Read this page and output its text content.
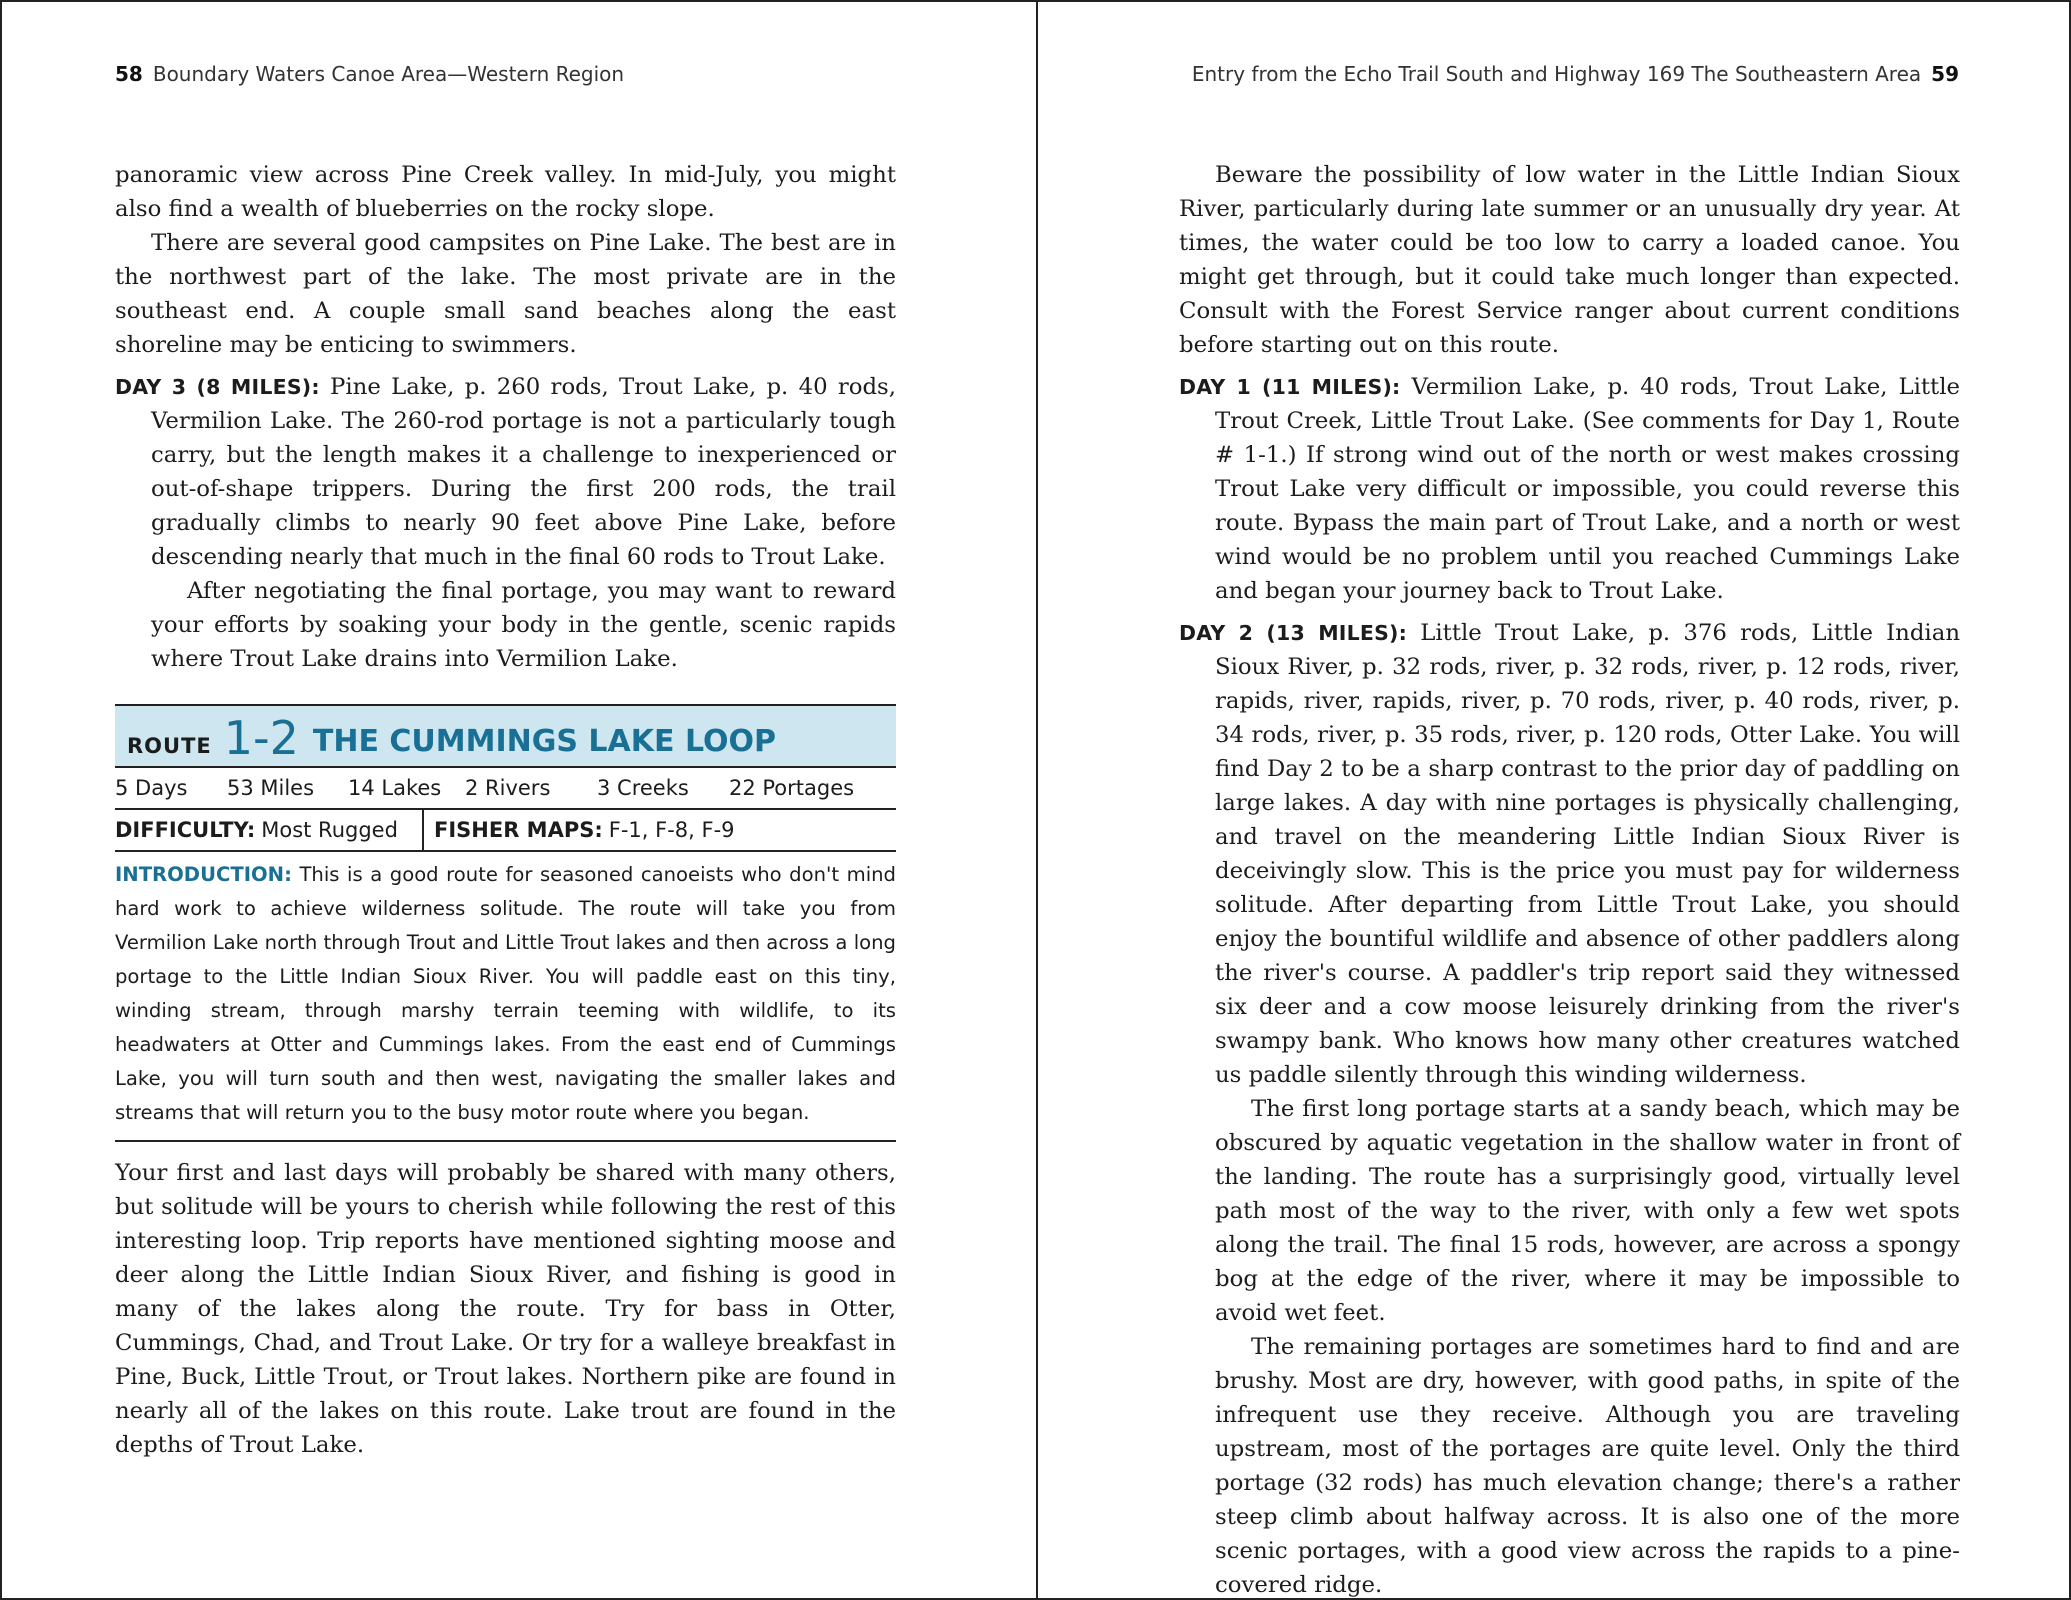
58 Boundary Waters Canoe Area—Western Region

panoramic view across Pine Creek valley. In mid-July, you might also find a wealth of blueberries on the rocky slope.

There are several good campsites on Pine Lake. The best are in the northwest part of the lake. The most private are in the southeast end. A couple small sand beaches along the east shoreline may be enticing to swimmers.

DAY 3 (8 MILES): Pine Lake, p. 260 rods, Trout Lake, p. 40 rods, Vermilion Lake. The 260-rod portage is not a particularly tough carry, but the length makes it a challenge to inexperienced or out-of-shape trippers. During the first 200 rods, the trail gradually climbs to nearly 90 feet above Pine Lake, before descending nearly that much in the final 60 rods to Trout Lake.

After negotiating the final portage, you may want to reward your efforts by soaking your body in the gentle, scenic rapids where Trout Lake drains into Vermilion Lake.

ROUTE 1-2 THE CUMMINGS LAKE LOOP
5 Days	53 Miles	14 Lakes	2 Rivers	3 Creeks	22 Portages
DIFFICULTY: Most Rugged FISHER MAPS: F-1, F-8, F-9
INTRODUCTION: This is a good route for seasoned canoeists who don't mind hard work to achieve wilderness solitude. The route will take you from Vermilion Lake north through Trout and Little Trout lakes and then across a long portage to the Little Indian Sioux River. You will paddle east on this tiny, winding stream, through marshy terrain teeming with wildlife, to its headwaters at Otter and Cummings lakes. From the east end of Cummings Lake, you will turn south and then west, navigating the smaller lakes and streams that will return you to the busy motor route where you began.

Your first and last days will probably be shared with many others, but solitude will be yours to cherish while following the rest of this interesting loop. Trip reports have mentioned sighting moose and deer along the Little Indian Sioux River, and fishing is good in many of the lakes along the route. Try for bass in Otter, Cummings, Chad, and Trout Lake. Or try for a walleye breakfast in Pine, Buck, Little Trout, or Trout lakes. Northern pike are found in nearly all of the lakes on this route. Lake trout are found in the depths of Trout Lake.

Entry from the Echo Trail South and Highway 169 The Southeastern Area 59

Beware the possibility of low water in the Little Indian Sioux River, particularly during late summer or an unusually dry year. At times, the water could be too low to carry a loaded canoe. You might get through, but it could take much longer than expected. Consult with the Forest Service ranger about current conditions before starting out on this route.

DAY 1 (11 MILES): Vermilion Lake, p. 40 rods, Trout Lake, Little Trout Creek, Little Trout Lake. (See comments for Day 1, Route # 1-1.) If strong wind out of the north or west makes crossing Trout Lake very difficult or impossible, you could reverse this route. Bypass the main part of Trout Lake, and a north or west wind would be no problem until you reached Cummings Lake and began your journey back to Trout Lake.
DAY 2 (13 MILES): Little Trout Lake, p. 376 rods, Little Indian Sioux River, p. 32 rods, river, p. 32 rods, river, p. 12 rods, river, rapids, river, rapids, river, p. 70 rods, river, p. 40 rods, river, p. 34 rods, river, p. 35 rods, river, p. 120 rods, Otter Lake. You will find Day 2 to be a sharp contrast to the prior day of paddling on large lakes. A day with nine portages is physically challenging, and travel on the meandering Little Indian Sioux River is deceivingly slow. This is the price you must pay for wilderness solitude. After departing from Little Trout Lake, you should enjoy the bountiful wildlife and absence of other paddlers along the river's course. A paddler's trip report said they witnessed six deer and a cow moose leisurely drinking from the river's swampy bank. Who knows how many other creatures watched us paddle silently through this winding wilderness.

The first long portage starts at a sandy beach, which may be obscured by aquatic vegetation in the shallow water in front of the landing. The route has a surprisingly good, virtually level path most of the way to the river, with only a few wet spots along the trail. The final 15 rods, however, are across a spongy bog at the edge of the river, where it may be impossible to avoid wet feet.

The remaining portages are sometimes hard to find and are brushy. Most are dry, however, with good paths, in spite of the infrequent use they receive. Although you are traveling upstream, most of the portages are quite level. Only the third portage (32 rods) has much elevation change; there's a rather steep climb about halfway across. It is also one of the more scenic portages, with a good view across the rapids to a pine-covered ridge.
